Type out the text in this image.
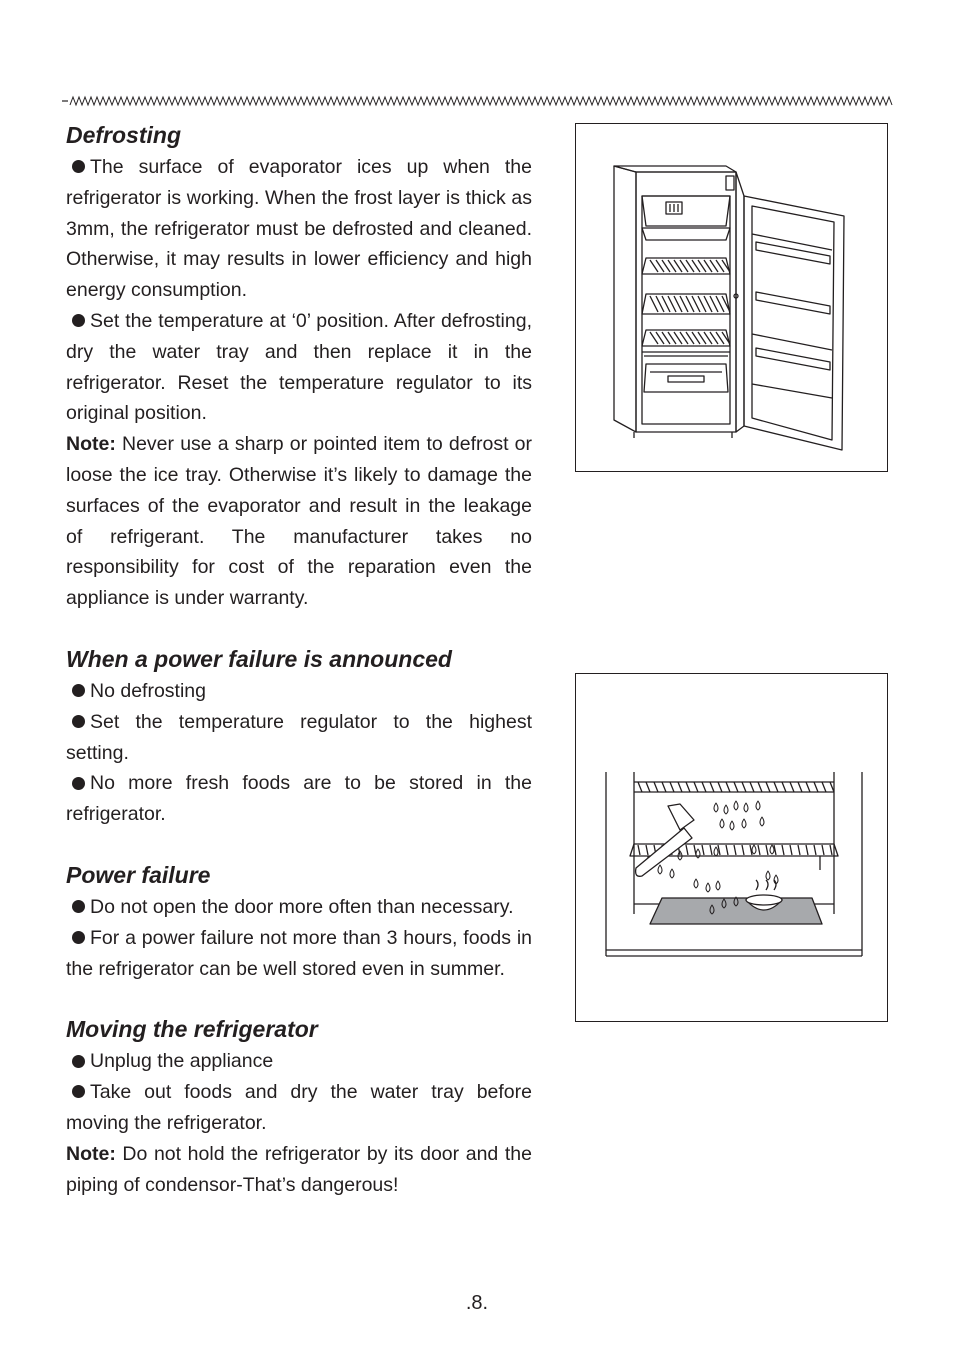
Defrosting

The surface of evaporator ices up when the refrigerator is working. When the frost layer is thick as 3mm, the refrigerator must be defrosted and cleaned. Otherwise, it may results in lower efficiency and high energy consumption.

Set the temperature at ‘0’ position. After defrosting, dry the water tray and then replace it in the refrigerator. Reset the temperature regulator to its original position.

Note: Never use a sharp or pointed item to defrost or loose the ice tray. Otherwise it’s likely to damage the surfaces of the evaporator and result in the leakage of refrigerant. The manufacturer takes no responsibility for cost of the reparation even the appliance is under warranty.

When a power failure is announced

No defrosting

Set the temperature regulator to the highest setting.

No more fresh foods are to be stored in the refrigerator.

Power failure

Do not open the door more often than necessary.

For a power failure not more than 3 hours, foods in the refrigerator can be well stored even in summer.

Moving the refrigerator

Unplug the appliance

Take out foods and dry the water tray before moving the refrigerator.

Note: Do not hold the refrigerator by its door and the piping of condensor-That’s dangerous!

.8.
